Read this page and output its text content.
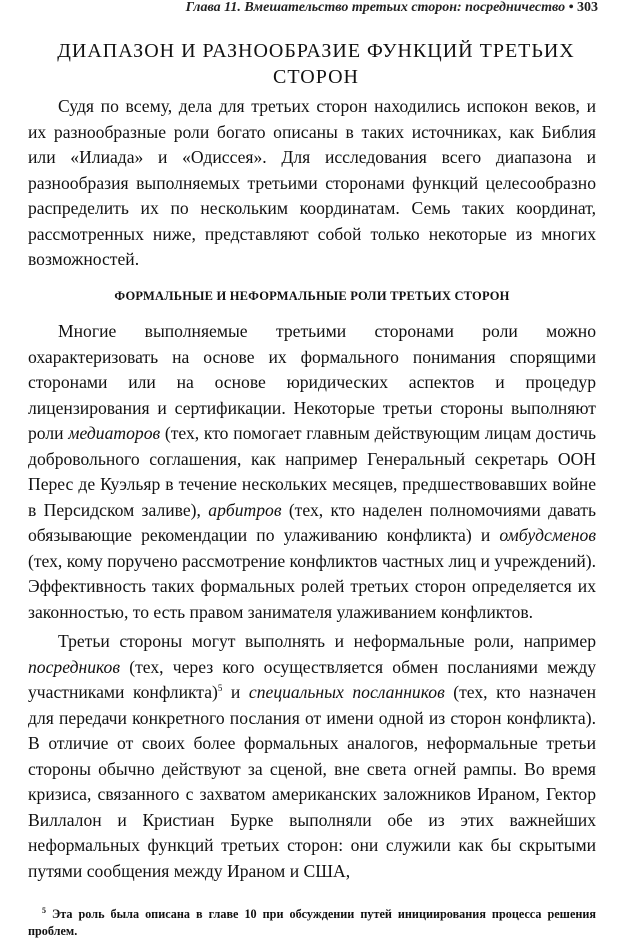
Глава 11. Вмешательство третьих сторон: посредничество • 303
ДИАПАЗОН И РАЗНООБРАЗИЕ ФУНКЦИЙ ТРЕТЬИХ СТОРОН

Судя по всему, дела для третьих сторон находились испокон веков, и их разнообразные роли богато описаны в таких источниках, как Библия или «Илиада» и «Одиссея». Для исследования всего диапазона и разнообразия выполняемых третьими сторонами функций целесообразно распределить их по нескольким координатам. Семь таких координат, рассмотренных ниже, представляют собой только некоторые из многих возможностей.

ФОРМАЛЬНЫЕ И НЕФОРМАЛЬНЫЕ РОЛИ ТРЕТЬИХ СТОРОН

Многие выполняемые третьими сторонами роли можно охарактеризовать на основе их формального понимания спорящими сторонами или на основе юридических аспектов и процедур лицензирования и сертификации. Некоторые третьи стороны выполняют роли медиаторов (тех, кто помогает главным действующим лицам достичь добровольного соглашения, как например Генеральный секретарь ООН Перес де Куэльяр в течение нескольких месяцев, предшествовавших войне в Персидском заливе), арбитров (тех, кто наделен полномочиями давать обязывающие рекомендации по улаживанию конфликта) и омбудсменов (тех, кому поручено рассмотрение конфликтов частных лиц и учреждений). Эффективность таких формальных ролей третьих сторон определяется их законностью, то есть правом занимателя улаживанием конфликтов.

Третьи стороны могут выполнять и неформальные роли, например посредников (тех, через кого осуществляется обмен посланиями между участниками конфликта)$^5$ и специальных посланников (тех, кто назначен для передачи конкретного послания от имени одной из сторон конфликта). В отличие от своих более формальных аналогов, неформальные третьи стороны обычно действуют за сценой, вне света огней рампы. Во время кризиса, связанного с захватом американских заложников Ираном, Гектор Виллалон и Кристиан Бурке выполняли обе из этих важнейших неформальных функций третьих сторон: они служили как бы скрытыми путями сообщения между Ираном и США,

$^5$ Эта роль была описана в главе 10 при обсуждении путей инициирования процесса решения проблем.
